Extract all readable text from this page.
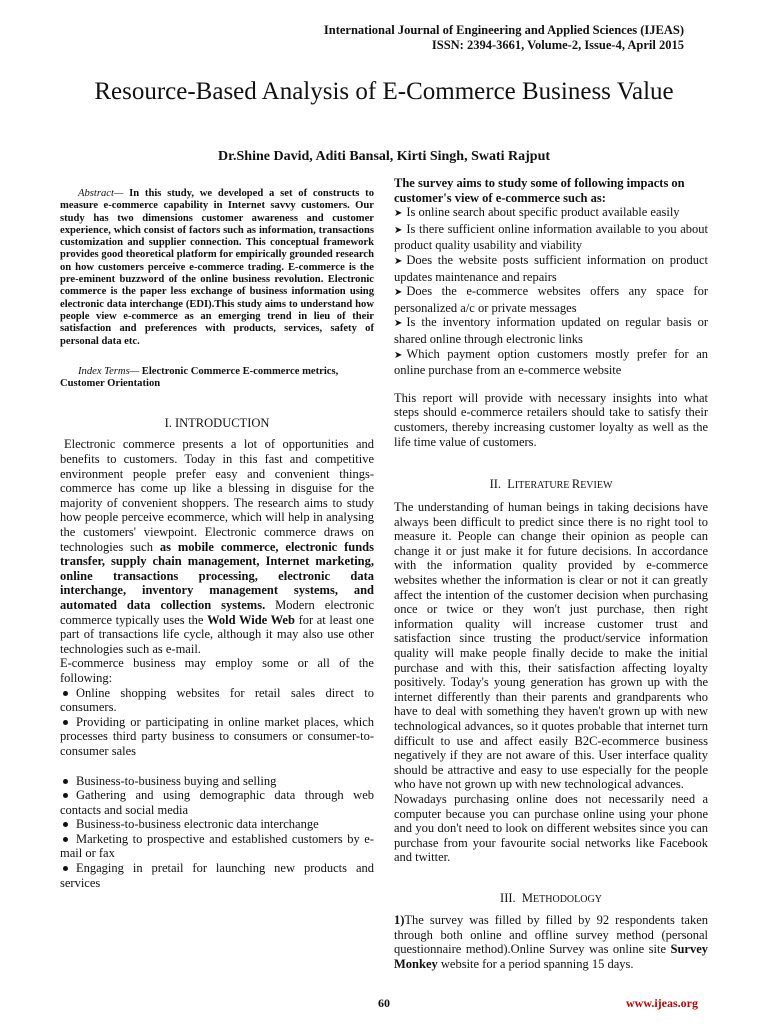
International Journal of Engineering and Applied Sciences (IJEAS)
ISSN: 2394-3661, Volume-2, Issue-4, April 2015
Resource-Based Analysis of E-Commerce Business Value
Dr.Shine David, Aditi Bansal, Kirti Singh, Swati Rajput

Abstract— In this study, we developed a set of constructs to measure e-commerce capability in Internet savvy customers. Our study has two dimensions customer awareness and customer experience, which consist of factors such as information, transactions customization and supplier connection. This conceptual framework provides good theoretical platform for empirically grounded research on how customers perceive e-commerce trading. E-commerce is the pre-eminent buzzword of the online business revolution. Electronic commerce is the paper less exchange of business information using electronic data interchange (EDI).This study aims to understand how people view e-commerce as an emerging trend in lieu of their satisfaction and preferences with products, services, safety of personal data etc.

Index Terms— Electronic Commerce E-commerce metrics, Customer Orientation

I. INTRODUCTION

Electronic commerce presents a lot of opportunities and benefits to customers. Today in this fast and competitive environment people prefer easy and convenient things-commerce has come up like a blessing in disguise for the majority of convenient shoppers. The research aims to study how people perceive ecommerce, which will help in analysing the customers' viewpoint. Electronic commerce draws on technologies such as mobile commerce, electronic funds transfer, supply chain management, Internet marketing, online transactions processing, electronic data interchange, inventory management systems, and automated data collection systems. Modern electronic commerce typically uses the Wold Wide Web for at least one part of transactions life cycle, although it may also use other technologies such as e-mail.

E-commerce business may employ some or all of the following:

Online shopping websites for retail sales direct to consumers.
Providing or participating in online market places, which processes third party business to consumers or consumer-to-consumer sales
Business-to-business buying and selling
Gathering and using demographic data through web contacts and social media
Business-to-business electronic data interchange
Marketing to prospective and established customers by e-mail or fax
Engaging in pretail for launching new products and services

The survey aims to study some of following impacts on customer's view of e-commerce such as:

➤ Is online search about specific product available easily
➤ Is there sufficient online information available to you about product quality usability and viability
➤ Does the website posts sufficient information on product updates maintenance and repairs
➤ Does the e-commerce websites offers any space for personalized a/c or private messages
➤ Is the inventory information updated on regular basis or shared online through electronic links
➤ Which payment option customers mostly prefer for an online purchase from an e-commerce website

This report will provide with necessary insights into what steps should e-commerce retailers should take to satisfy their customers, thereby increasing customer loyalty as well as the life time value of customers.

II. LITERATURE REVIEW

The understanding of human beings in taking decisions have always been difficult to predict since there is no right tool to measure it. People can change their opinion as people can change it or just make it for future decisions. In accordance with the information quality provided by e-commerce websites whether the information is clear or not it can greatly affect the intention of the customer decision when purchasing once or twice or they won't just purchase, then right information quality will increase customer trust and satisfaction since trusting the product/service information quality will make people finally decide to make the initial purchase and with this, their satisfaction affecting loyalty positively. Today's young generation has grown up with the internet differently than their parents and grandparents who have to deal with something they haven't grown up with new technological advances, so it quotes probable that internet turn difficult to use and affect easily B2C-ecommerce business negatively if they are not aware of this. User interface quality should be attractive and easy to use especially for the people who have not grown up with new technological advances.

Nowadays purchasing online does not necessarily need a computer because you can purchase online using your phone and you don't need to look on different websites since you can purchase from your favourite social networks like Facebook and twitter.

III. METHODOLOGY

1)The survey was filled by filled by 92 respondents taken through both online and offline survey method (personal questionnaire method).Online Survey was online site Survey Monkey website for a period spanning 15 days.

60	www.ijeas.org
